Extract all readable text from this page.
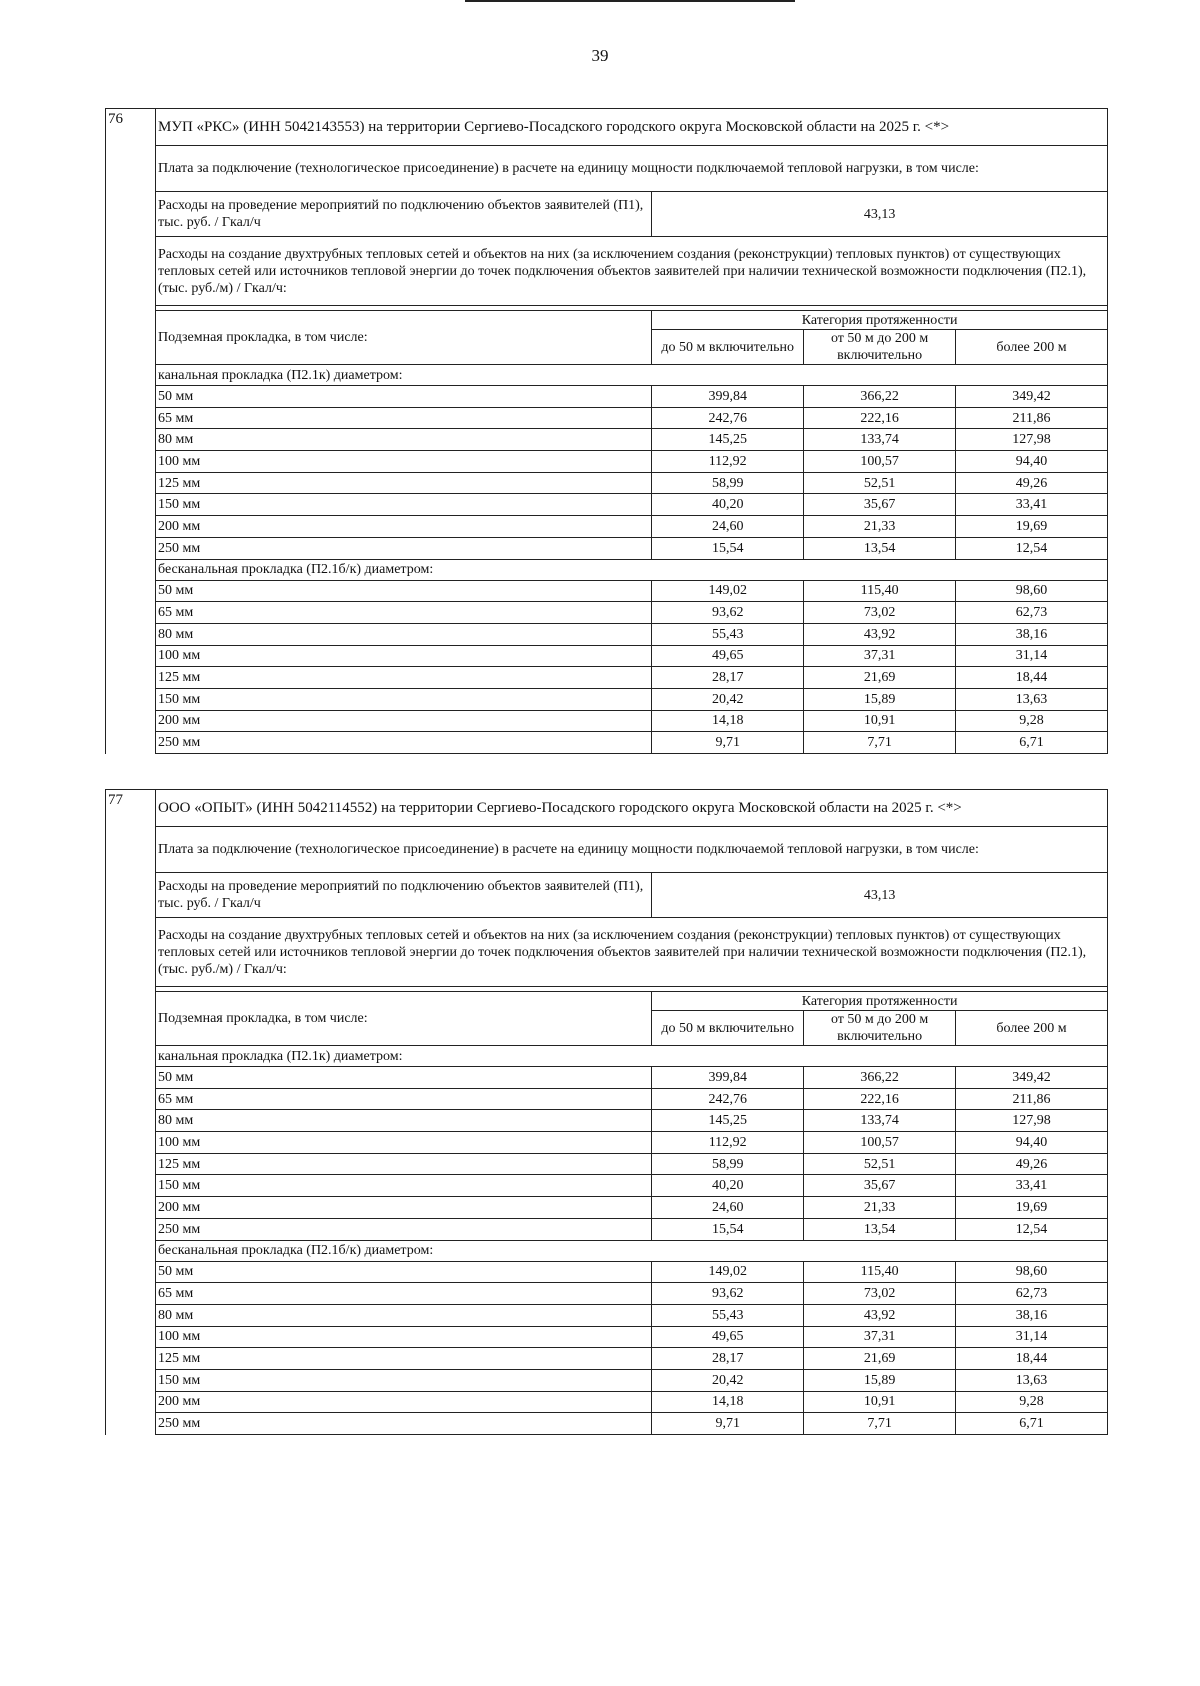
39
76	МУП «РКС» (ИНН 5042143553) на территории Сергиево-Посадского городского округа Московской области на 2025 г. <*>			
Плата за подключение (технологическое присоединение) в расчете на единицу мощности подключаемой тепловой нагрузки, в том числе:			
Расходы на проведение мероприятий по подключению объектов заявителей (П1), тыс. руб. / Гкал/ч	43,13		
Расходы на создание двухтрубных тепловых сетей и объектов на них (за исключением создания (реконструкции) тепловых пунктов) от существующих тепловых сетей или источников тепловой энергии до точек подключения объектов заявителей при наличии технической возможности подключения (П2.1), (тыс. руб./м) / Гкал/ч:			

Подземная прокладка, в том числе:	Категория протяженности		
	до 50 м включительно	от 50 м до 200 м включительно	более 200 м
канальная прокладка (П2.1к) диаметром:			
50 мм	399,84	366,22	349,42
65 мм	242,76	222,16	211,86
80 мм	145,25	133,74	127,98
100 мм	112,92	100,57	94,40
125 мм	58,99	52,51	49,26
150 мм	40,20	35,67	33,41
200 мм	24,60	21,33	19,69
250 мм	15,54	13,54	12,54
бесканальная прокладка (П2.1б/к) диаметром:			
50 мм	149,02	115,40	98,60
65 мм	93,62	73,02	62,73
80 мм	55,43	43,92	38,16
100 мм	49,65	37,31	31,14
125 мм	28,17	21,69	18,44
150 мм	20,42	15,89	13,63
200 мм	14,18	10,91	9,28
250 мм	9,71	7,71	6,71
77	ООО «ОПЫТ» (ИНН 5042114552) на территории Сергиево-Посадского городского округа Московской области на 2025 г. <*>			
Плата за подключение (технологическое присоединение) в расчете на единицу мощности подключаемой тепловой нагрузки, в том числе:			
Расходы на проведение мероприятий по подключению объектов заявителей (П1), тыс. руб. / Гкал/ч	43,13		
Расходы на создание двухтрубных тепловых сетей и объектов на них (за исключением создания (реконструкции) тепловых пунктов) от существующих тепловых сетей или источников тепловой энергии до точек подключения объектов заявителей при наличии технической возможности подключения (П2.1), (тыс. руб./м) / Гкал/ч:			

Подземная прокладка, в том числе:	Категория протяженности		
	до 50 м включительно	от 50 м до 200 м включительно	более 200 м
канальная прокладка (П2.1к) диаметром:			
50 мм	399,84	366,22	349,42
65 мм	242,76	222,16	211,86
80 мм	145,25	133,74	127,98
100 мм	112,92	100,57	94,40
125 мм	58,99	52,51	49,26
150 мм	40,20	35,67	33,41
200 мм	24,60	21,33	19,69
250 мм	15,54	13,54	12,54
бесканальная прокладка (П2.1б/к) диаметром:			
50 мм	149,02	115,40	98,60
65 мм	93,62	73,02	62,73
80 мм	55,43	43,92	38,16
100 мм	49,65	37,31	31,14
125 мм	28,17	21,69	18,44
150 мм	20,42	15,89	13,63
200 мм	14,18	10,91	9,28
250 мм	9,71	7,71	6,71
